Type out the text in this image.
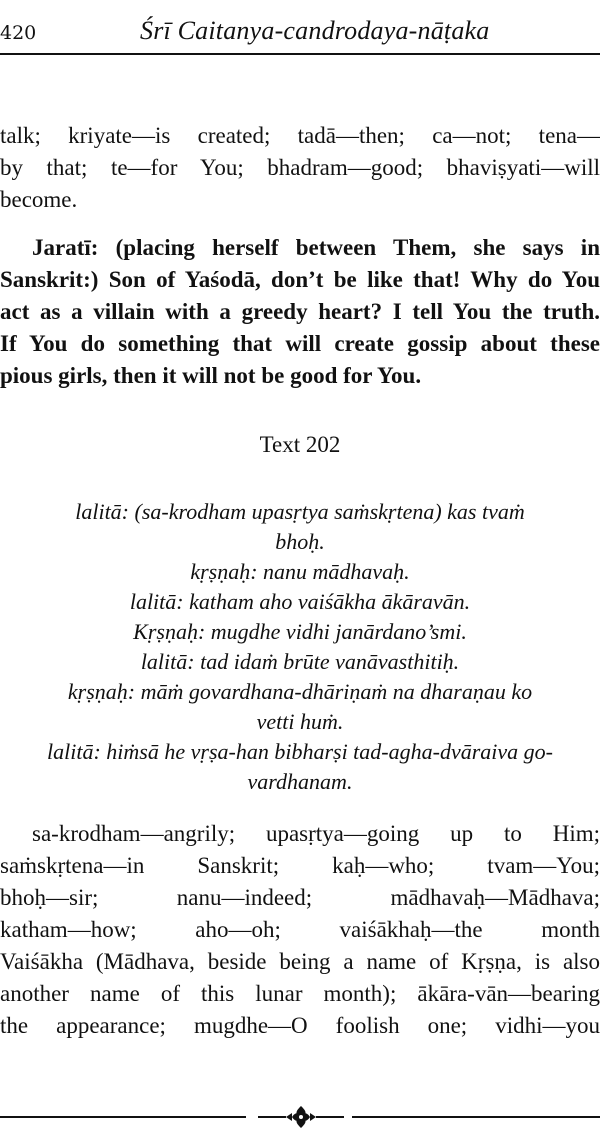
420	Śrī Caitanya-candrodaya-nāṭaka
talk; kriyate—is created; tadā—then; ca—not; tena—
by that; te—for You; bhadram—good; bhaviṣyati—will
become.
Jaratī: (placing herself between Them, she says in
Sanskrit:) Son of Yaśodā, don’t be like that! Why do You
act as a villain with a greedy heart? I tell You the truth.
If You do something that will create gossip about these
pious girls, then it will not be good for You.
Text 202
lalitā: (sa-krodham upasṛtya saṁskṛtena) kas tvaṁ
bhoḥ.
kṛṣṇaḥ: nanu mādhavaḥ.
lalitā: katham aho vaiśākha ākāravān.
Kṛṣṇaḥ: mugdhe vidhi janārdano’smi.
lalitā: tad idaṁ brūte vanāvasthitiḥ.
kṛṣṇaḥ: māṁ govardhana-dhāriṇaṁ na dharaṇau ko
vetti huṁ.
lalitā: hiṁsā he vṛṣa-han bibharṣi tad-agha-dvāraiva go-
vardhanam.
sa-krodham—angrily; upasṛtya—going up to Him;
saṁskṛtena—in Sanskrit; kaḥ—who; tvam—You;
bhoḥ—sir; nanu—indeed; mādhavaḥ—Mādhava;
katham—how; aho—oh; vaiśākhaḥ—the month
Vaiśākha (Mādhava, beside being a name of Kṛṣṇa, is also
another name of this lunar month); ākāra-vān—bearing
the appearance; mugdhe—O foolish one; vidhi—you
